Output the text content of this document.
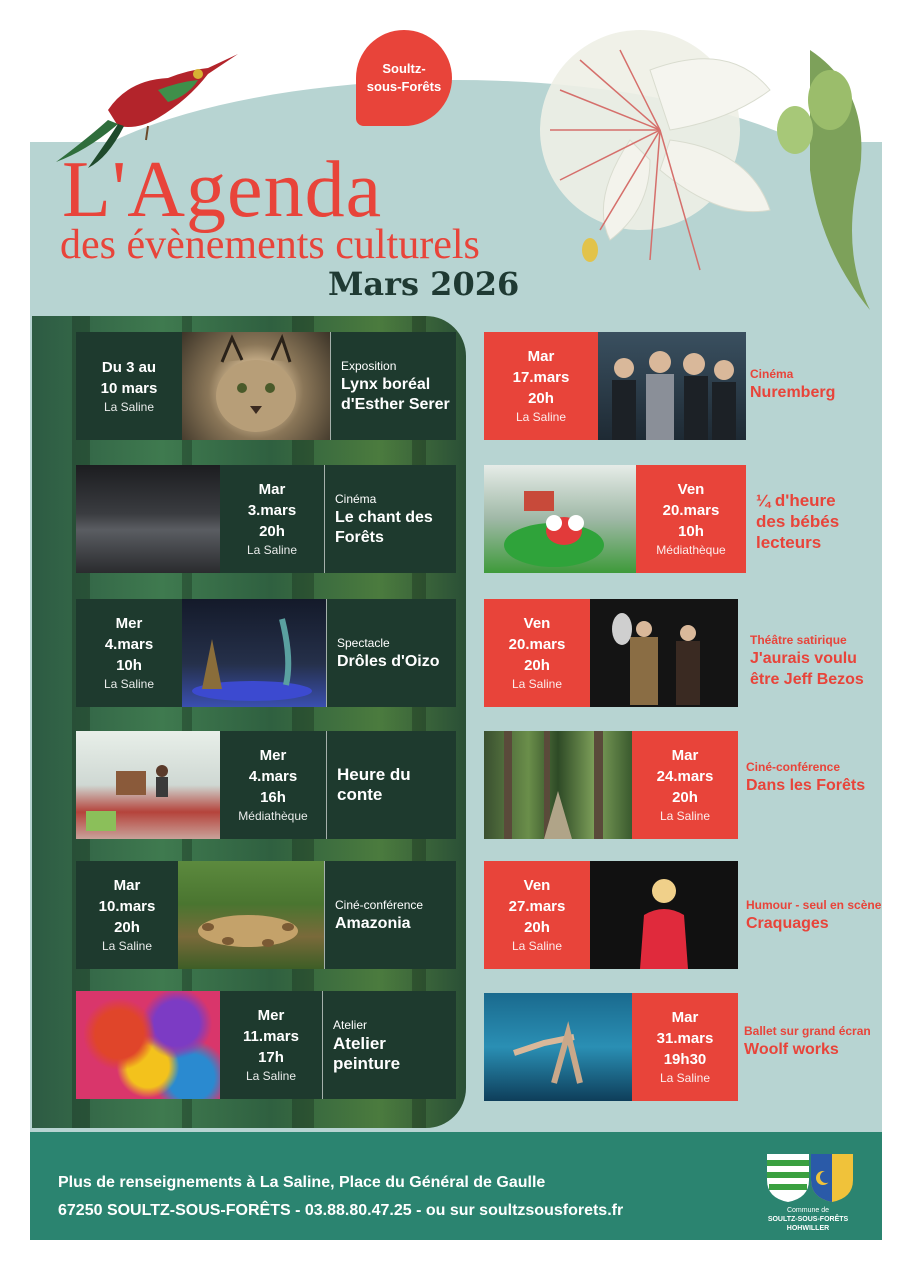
Soultz-
sous-Forêts
L'Agenda
des évènements culturels
Mars 2026
Du 3 au
10 mars
La Saline
Exposition
Lynx boréal
d'Esther Serer
Mar
3.mars
20h
La Saline
Cinéma
Le chant des
Forêts
Mer
4.mars
10h
La Saline
Spectacle
Drôles d'Oizo
Mer
4.mars
16h
Médiathèque
Heure du
conte
Mar
10.mars
20h
La Saline
Ciné-conférence
Amazonia
Mer
11.mars
17h
La Saline
Atelier
Atelier
peinture
Mar
17.mars
20h
La Saline
Cinéma
Nuremberg
Ven
20.mars
10h
Médiathèque
¼ d'heure
des bébés
lecteurs
Ven
20.mars
20h
La Saline
Théâtre satirique
J'aurais voulu
être Jeff Bezos
Mar
24.mars
20h
La Saline
Ciné-conférence
Dans les Forêts
Ven
27.mars
20h
La Saline
Humour - seul en scène
Craquages
Mar
31.mars
19h30
La Saline
Ballet sur grand écran
Woolf works
Plus de renseignements à La Saline, Place du Général de Gaulle
67250 SOULTZ-SOUS-FORÊTS - 03.88.80.47.25 - ou sur soultzsousforets.fr	Commune de
SOULTZ-SOUS-FORÊTS
HOHWILLER
